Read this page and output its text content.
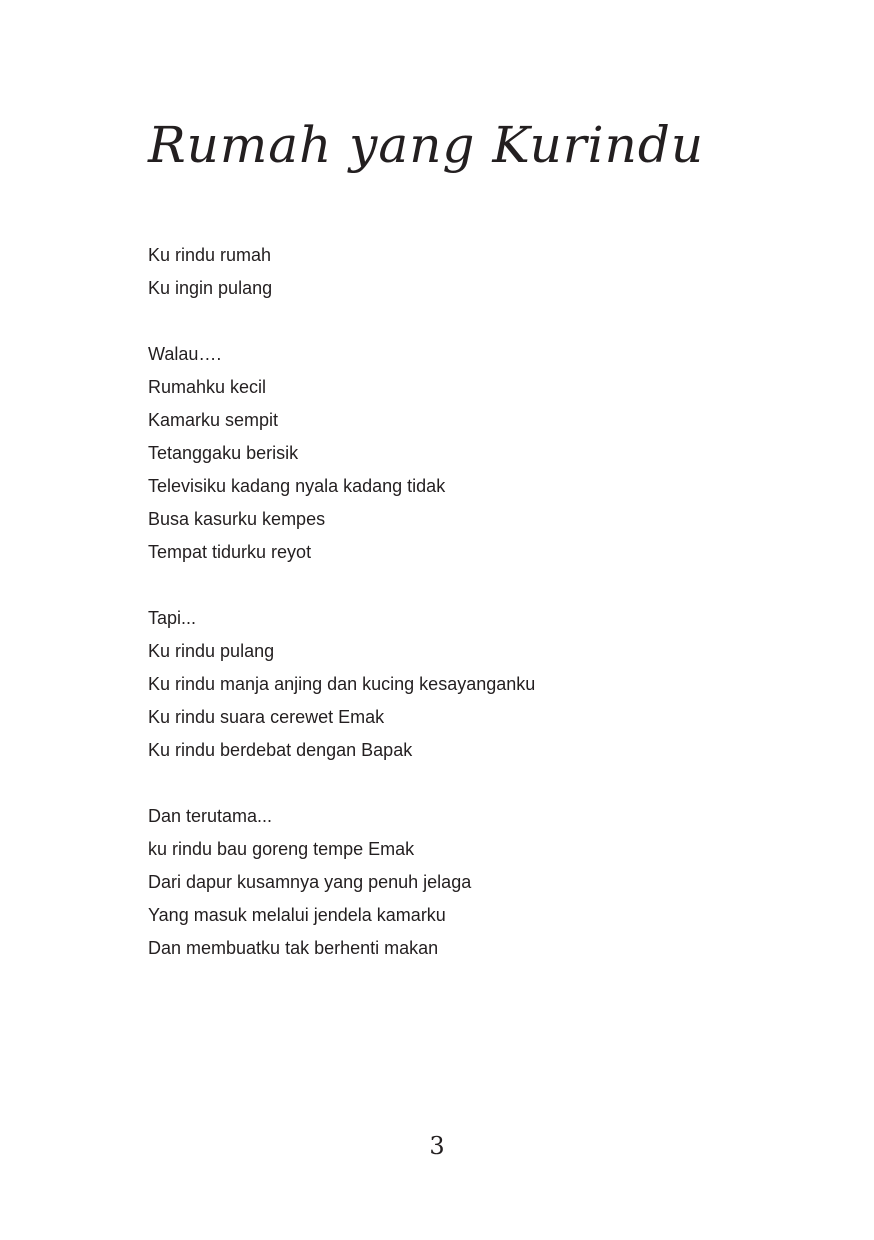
Rumah yang Kurindu
Ku rindu rumah
Ku ingin pulang
Walau….
Rumahku kecil
Kamarku sempit
Tetanggaku berisik
Televisiku kadang nyala kadang tidak
Busa kasurku kempes
Tempat tidurku reyot
Tapi...
Ku rindu pulang
Ku rindu manja anjing dan kucing kesayanganku
Ku rindu suara cerewet Emak
Ku rindu berdebat dengan Bapak
Dan terutama...
ku rindu bau goreng tempe Emak
Dari dapur kusamnya yang penuh jelaga
Yang masuk melalui jendela kamarku
Dan membuatku tak berhenti makan
3
